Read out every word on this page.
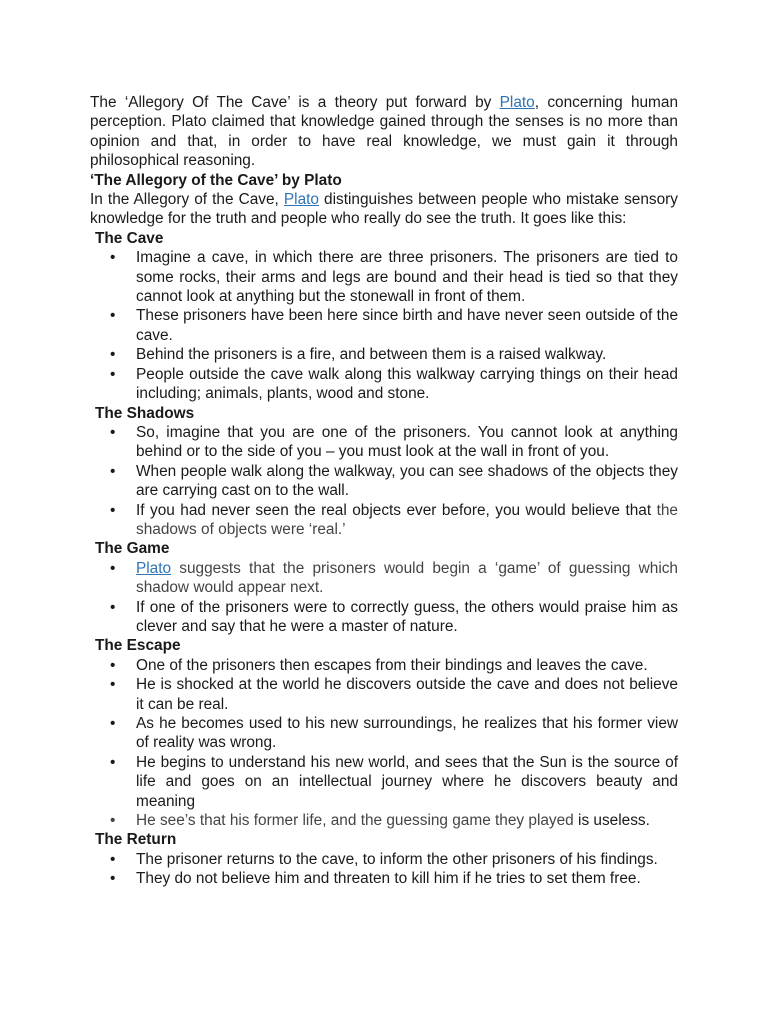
The ‘Allegory Of The Cave’ is a theory put forward by Plato, concerning human perception. Plato claimed that knowledge gained through the senses is no more than opinion and that, in order to have real knowledge, we must gain it through philosophical reasoning.

‘The Allegory of the Cave’ by Plato

In the Allegory of the Cave, Plato distinguishes between people who mistake sensory knowledge for the truth and people who really do see the truth. It goes like this:

The Cave

• Imagine a cave, in which there are three prisoners. The prisoners are tied to some rocks, their arms and legs are bound and their head is tied so that they cannot look at anything but the stonewall in front of them.
• These prisoners have been here since birth and have never seen outside of the cave.
• Behind the prisoners is a fire, and between them is a raised walkway.
• People outside the cave walk along this walkway carrying things on their head including; animals, plants, wood and stone.

The Shadows

• So, imagine that you are one of the prisoners. You cannot look at anything behind or to the side of you – you must look at the wall in front of you.
• When people walk along the walkway, you can see shadows of the objects they are carrying cast on to the wall.
• If you had never seen the real objects ever before, you would believe that the shadows of objects were ‘real.’

The Game

• Plato suggests that the prisoners would begin a ‘game’ of guessing which shadow would appear next.
• If one of the prisoners were to correctly guess, the others would praise him as clever and say that he were a master of nature.

The Escape

• One of the prisoners then escapes from their bindings and leaves the cave.
• He is shocked at the world he discovers outside the cave and does not believe it can be real.
• As he becomes used to his new surroundings, he realizes that his former view of reality was wrong.
• He begins to understand his new world, and sees that the Sun is the source of life and goes on an intellectual journey where he discovers beauty and meaning
• He see’s that his former life, and the guessing game they played is useless.

The Return

• The prisoner returns to the cave, to inform the other prisoners of his findings.
• They do not believe him and threaten to kill him if he tries to set them free.
